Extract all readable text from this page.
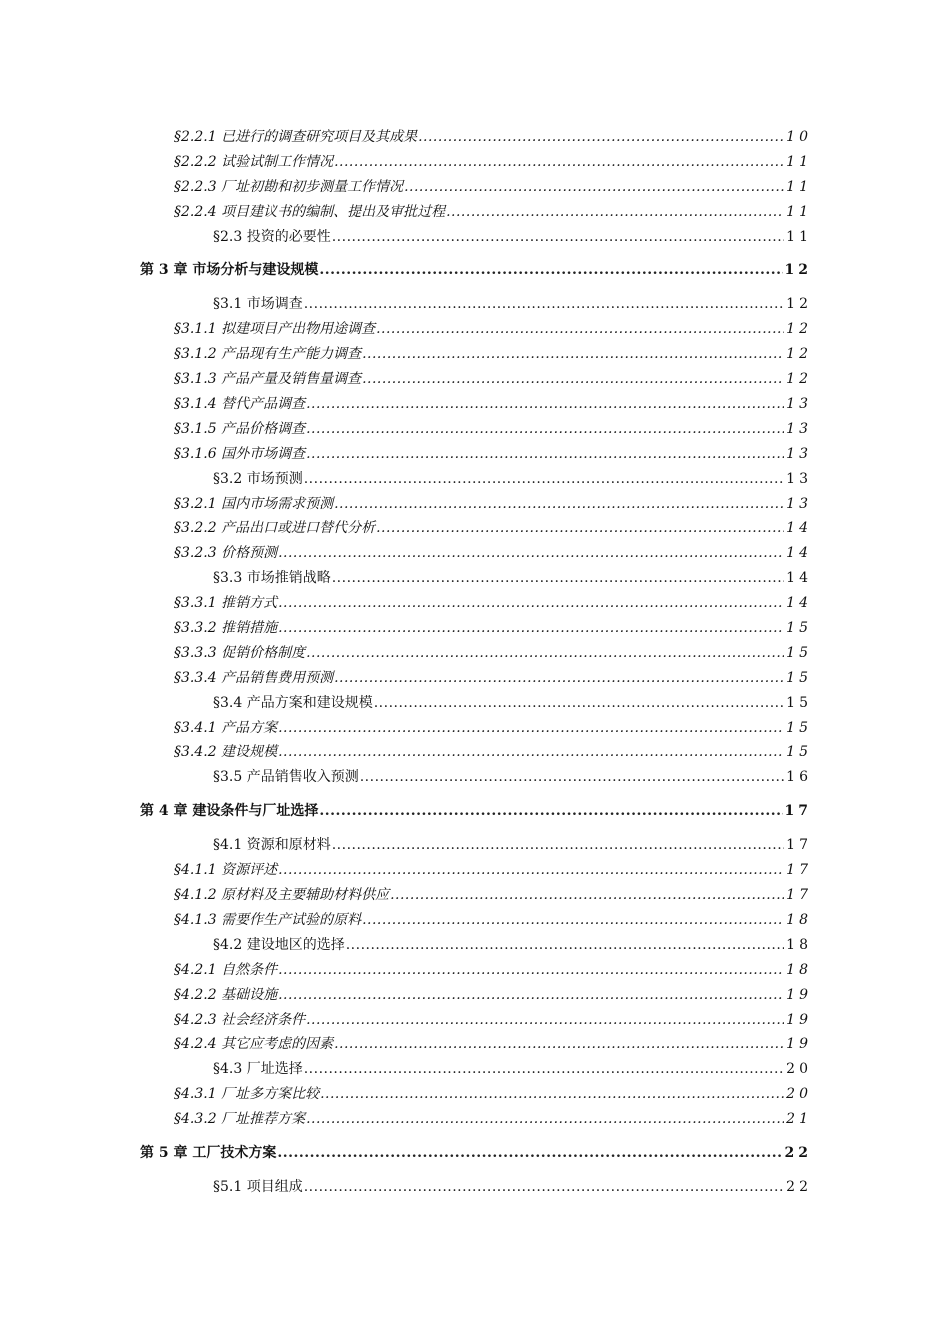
§2.2.1 已进行的调查研究项目及其成果 .....	10
§2.2.2 试验试制工作情况 .....	11
§2.2.3 厂址初勘和初步测量工作情况 .....	11
§2.2.4 项目建议书的编制、提出及审批过程 .....	11
§2.3 投资的必要性 .....	11
第 3 章 市场分析与建设规模 .....	12
§3.1 市场调查 .....	12
§3.1.1 拟建项目产出物用途调查 .....	12
§3.1.2 产品现有生产能力调查 .....	12
§3.1.3 产品产量及销售量调查 .....	12
§3.1.4 替代产品调查 .....	13
§3.1.5 产品价格调查 .....	13
§3.1.6 国外市场调查 .....	13
§3.2 市场预测 .....	13
§3.2.1 国内市场需求预测 .....	13
§3.2.2 产品出口或进口替代分析 .....	14
§3.2.3 价格预测 .....	14
§3.3 市场推销战略 .....	14
§3.3.1 推销方式 .....	14
§3.3.2 推销措施 .....	15
§3.3.3 促销价格制度 .....	15
§3.3.4 产品销售费用预测 .....	15
§3.4 产品方案和建设规模 .....	15
§3.4.1 产品方案 .....	15
§3.4.2 建设规模 .....	15
§3.5 产品销售收入预测 .....	16
第 4 章 建设条件与厂址选择 .....	17
§4.1 资源和原材料 .....	17
§4.1.1 资源评述 .....	17
§4.1.2 原材料及主要辅助材料供应 .....	17
§4.1.3 需要作生产试验的原料 .....	18
§4.2 建设地区的选择 .....	18
§4.2.1 自然条件 .....	18
§4.2.2 基础设施 .....	19
§4.2.3 社会经济条件 .....	19
§4.2.4 其它应考虑的因素 .....	19
§4.3 厂址选择 .....	20
§4.3.1 厂址多方案比较 .....	20
§4.3.2 厂址推荐方案 .....	21
第 5 章 工厂技术方案 .....	22
§5.1 项目组成 .....	22
